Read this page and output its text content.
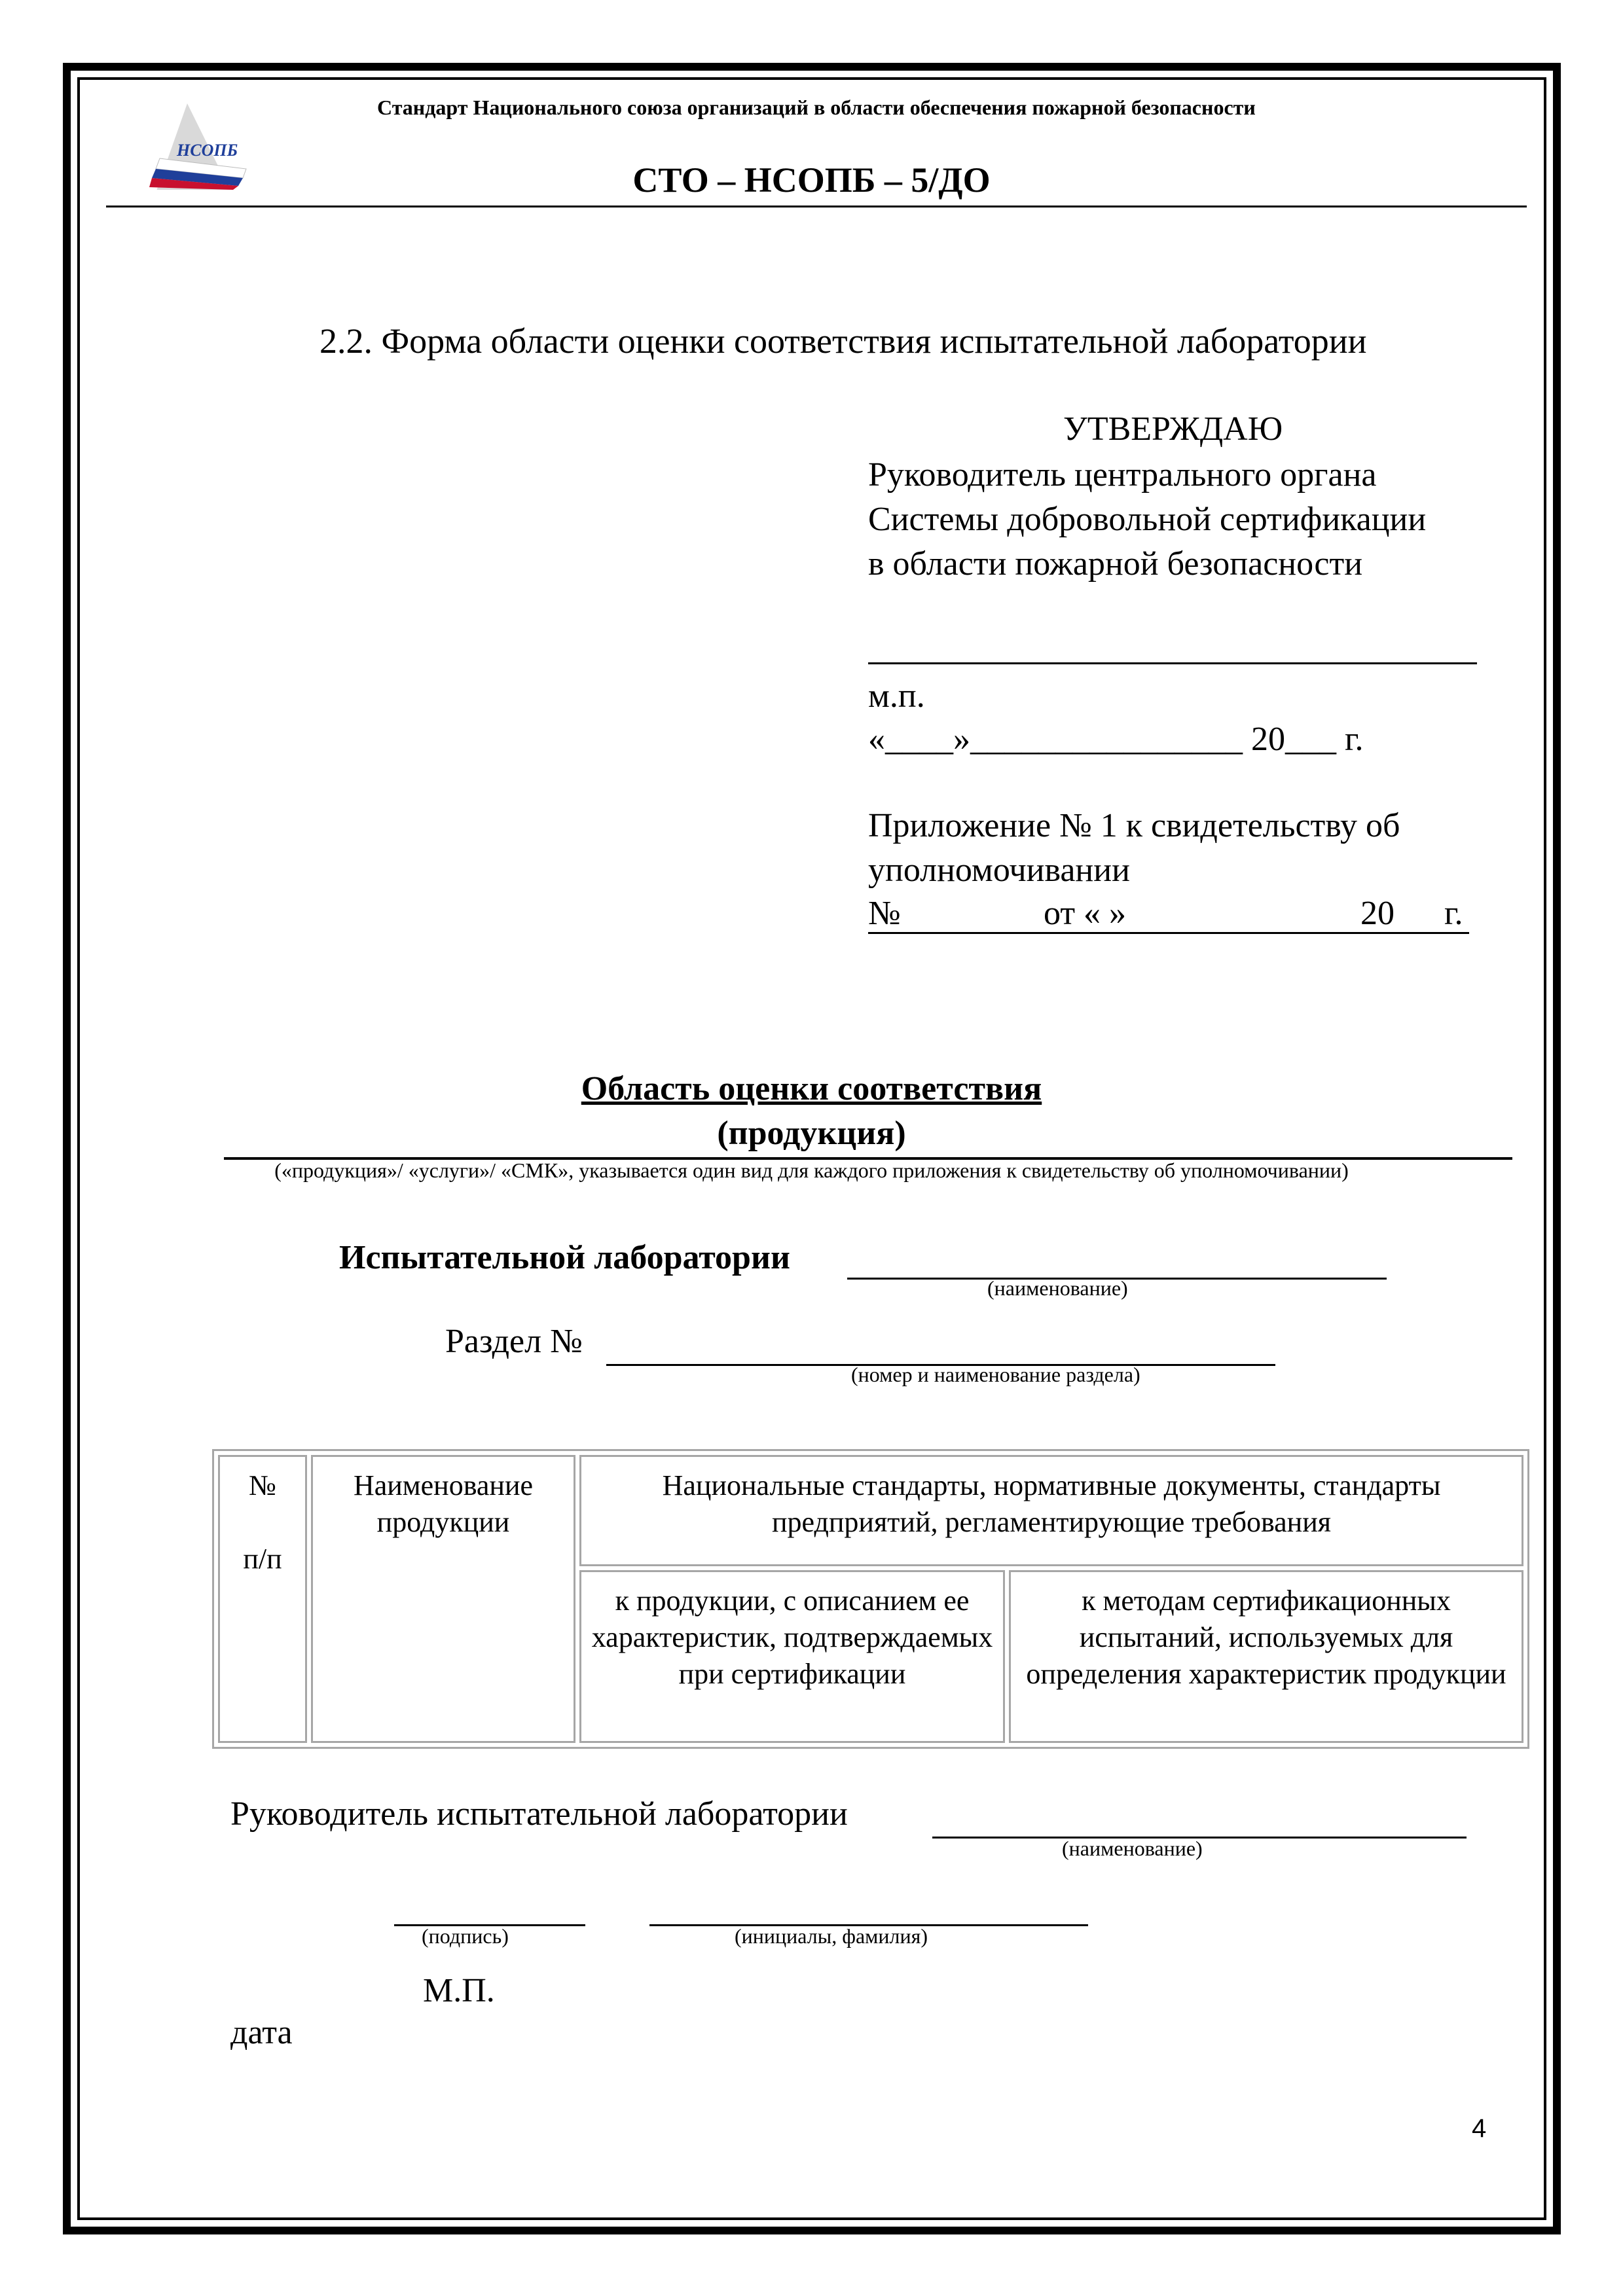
НСОПБ
Стандарт Национального союза организаций в области обеспечения пожарной безопасности
СТО – НСОПБ – 5/ДО
2.2. Форма области оценки соответствия испытательной лаборатории
УТВЕРЖДАЮ
Руководитель центрального органа
Системы добровольной сертификации
в области пожарной безопасности
м.п.
«____»________________ 20___ г.
Приложение № 1 к свидетельству об
уполномочивании
№	от « »	20 г.
Область оценки соответствия
(продукция)
(«продукция»/ «услуги»/ «СМК», указывается один вид для каждого приложения к свидетельству об уполномочивании)
Испытательной лаборатории
(наименование)
Раздел №
(номер и наименование раздела)
№

п/п	Наименование продукции	Национальные стандарты, нормативные документы, стандарты предприятий, регламентирующие требования	
		к продукции, с описанием ее характеристик, подтверждаемых при сертификации	к методам сертификационных испытаний, используемых для определения характеристик продукции
Руководитель испытательной лаборатории
(наименование)
(подпись)	(инициалы, фамилия)
М.П.
дата
4
